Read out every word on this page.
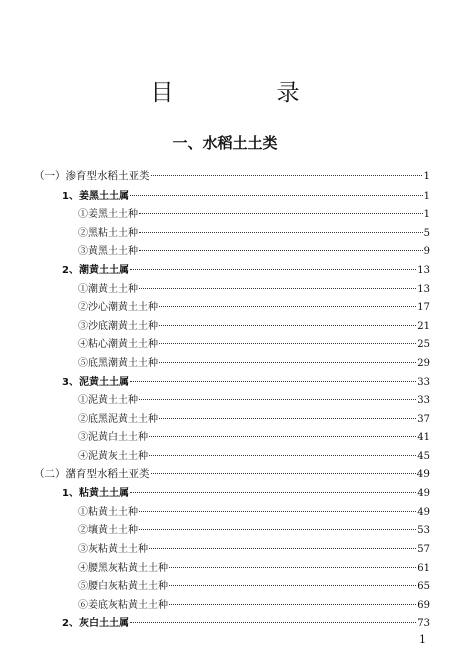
目　录
一、水稻土土类
（一）渗育型水稻土亚类	1
1、姜黑土土属	1
①姜黑土土种	1
②黑粘土土种	5
③黄黑土土种	9
2、潮黄土土属	13
①潮黄土土种	13
②沙心潮黄土土种	17
③沙底潮黄土土种	21
④粘心潮黄土土种	25
⑤底黑潮黄土土种	29
3、泥黄土土属	33
①泥黄土土种	33
②底黑泥黄土土种	37
③泥黄白土土种	41
④泥黄灰土土种	45
（二）潴育型水稻土亚类	49
1、粘黄土土属	49
①粘黄土土种	49
②壤黄土土种	53
③灰粘黄土土种	57
④腰黑灰粘黄土土种	61
⑤腰白灰粘黄土土种	65
⑥姜底灰粘黄土土种	69
2、灰白土土属	73
1
